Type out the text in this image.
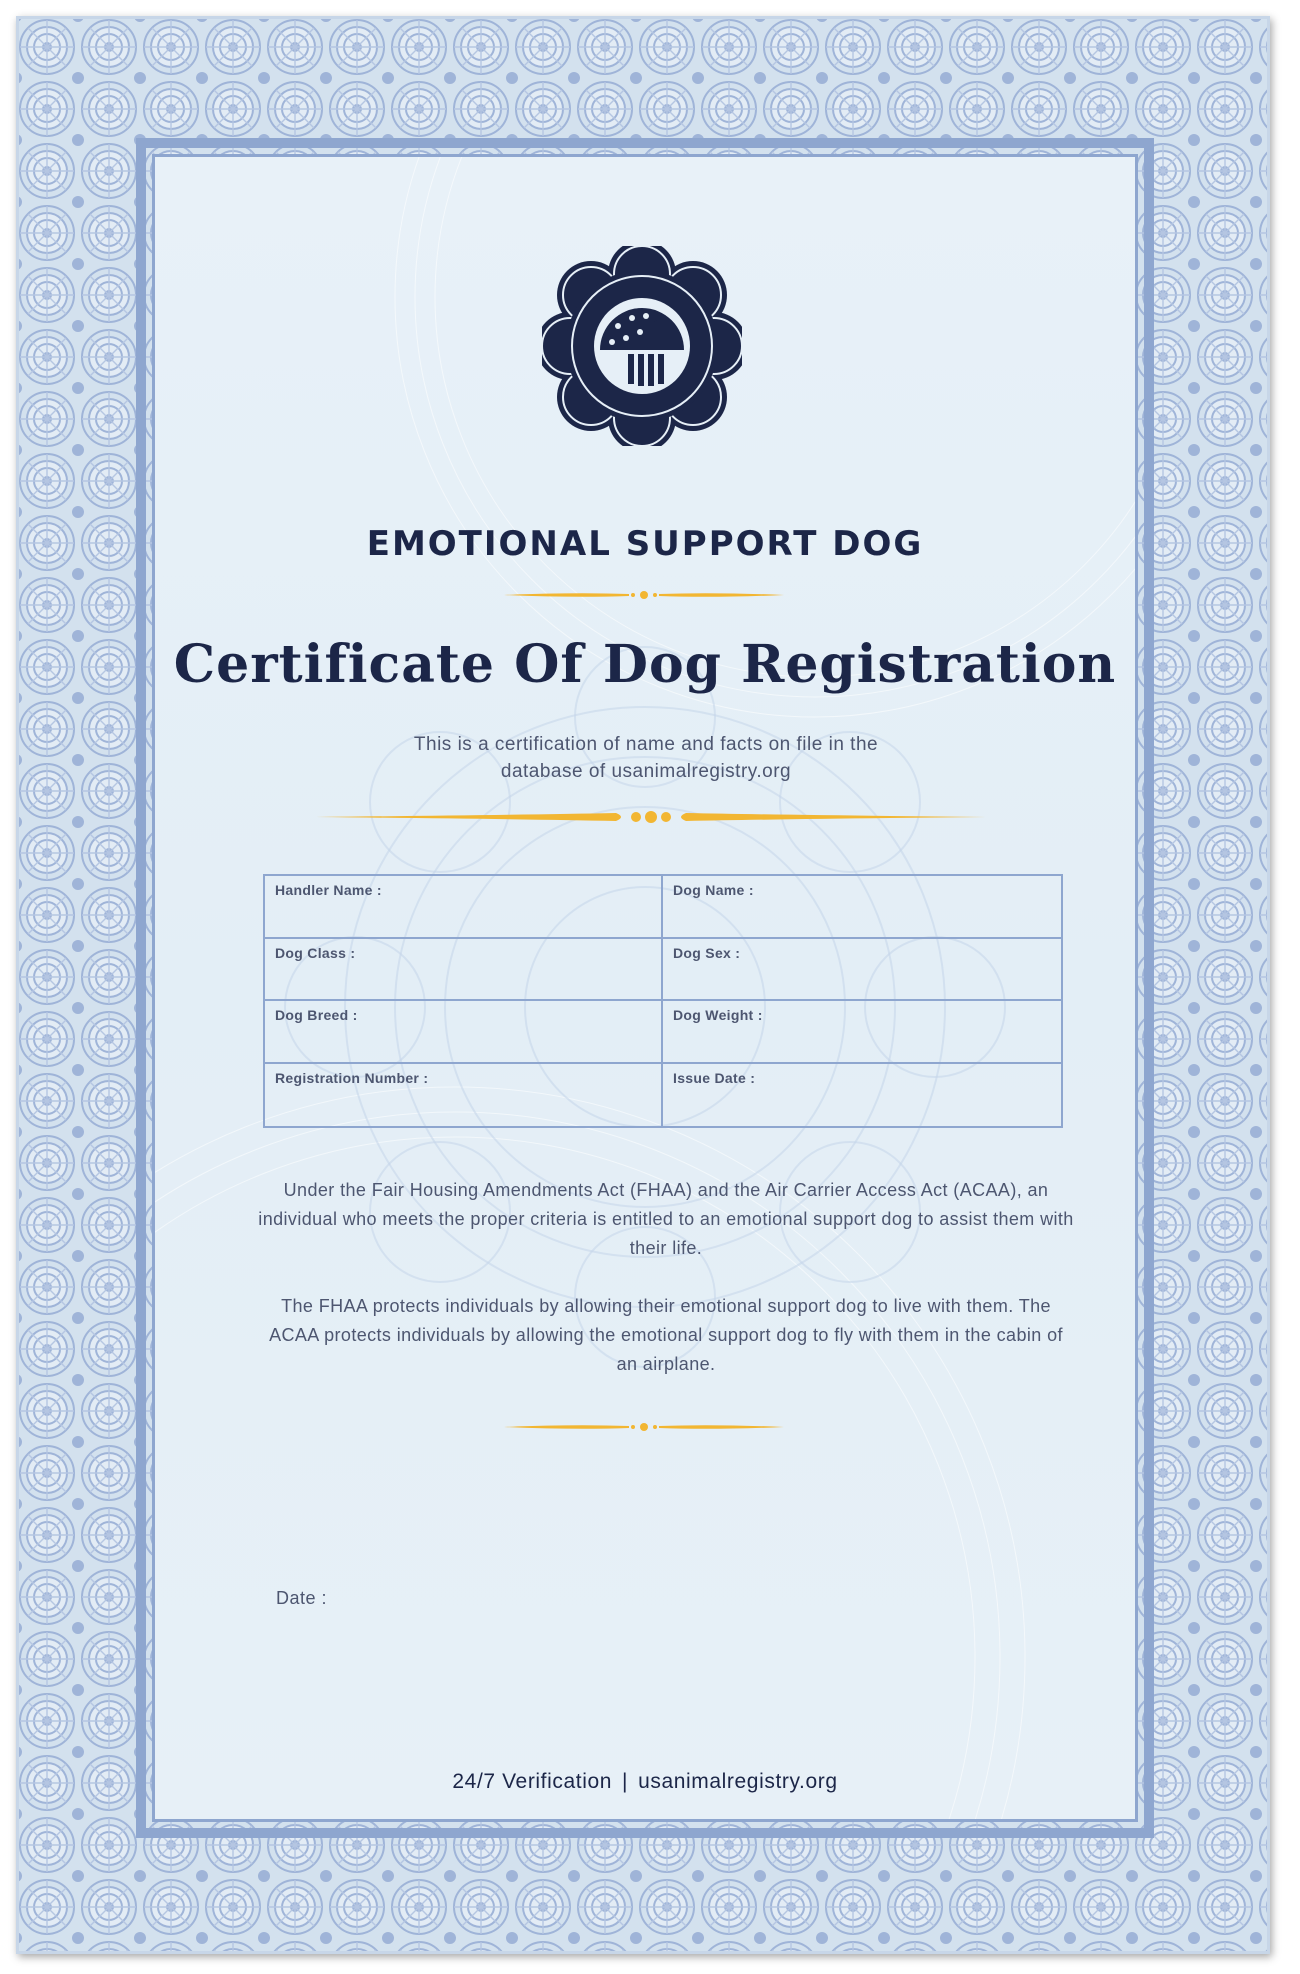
EMOTIONAL SUPPORT DOG
Certificate Of Dog Registration
This is a certification of name and facts on file in the database of usanimalregistry.org
Handler Name :	Dog Name :
Dog Class :	Dog Sex :
Dog Breed :	Dog Weight :
Registration Number :	Issue Date :
Under the Fair Housing Amendments Act (FHAA) and the Air Carrier Access Act (ACAA), an individual who meets the proper criteria is entitled to an emotional support dog to assist them with their life.
The FHAA protects individuals by allowing their emotional support dog to live with them. The ACAA protects individuals by allowing the emotional support dog to fly with them in the cabin of an airplane.
Date :
24/7 Verification | usanimalregistry.org
